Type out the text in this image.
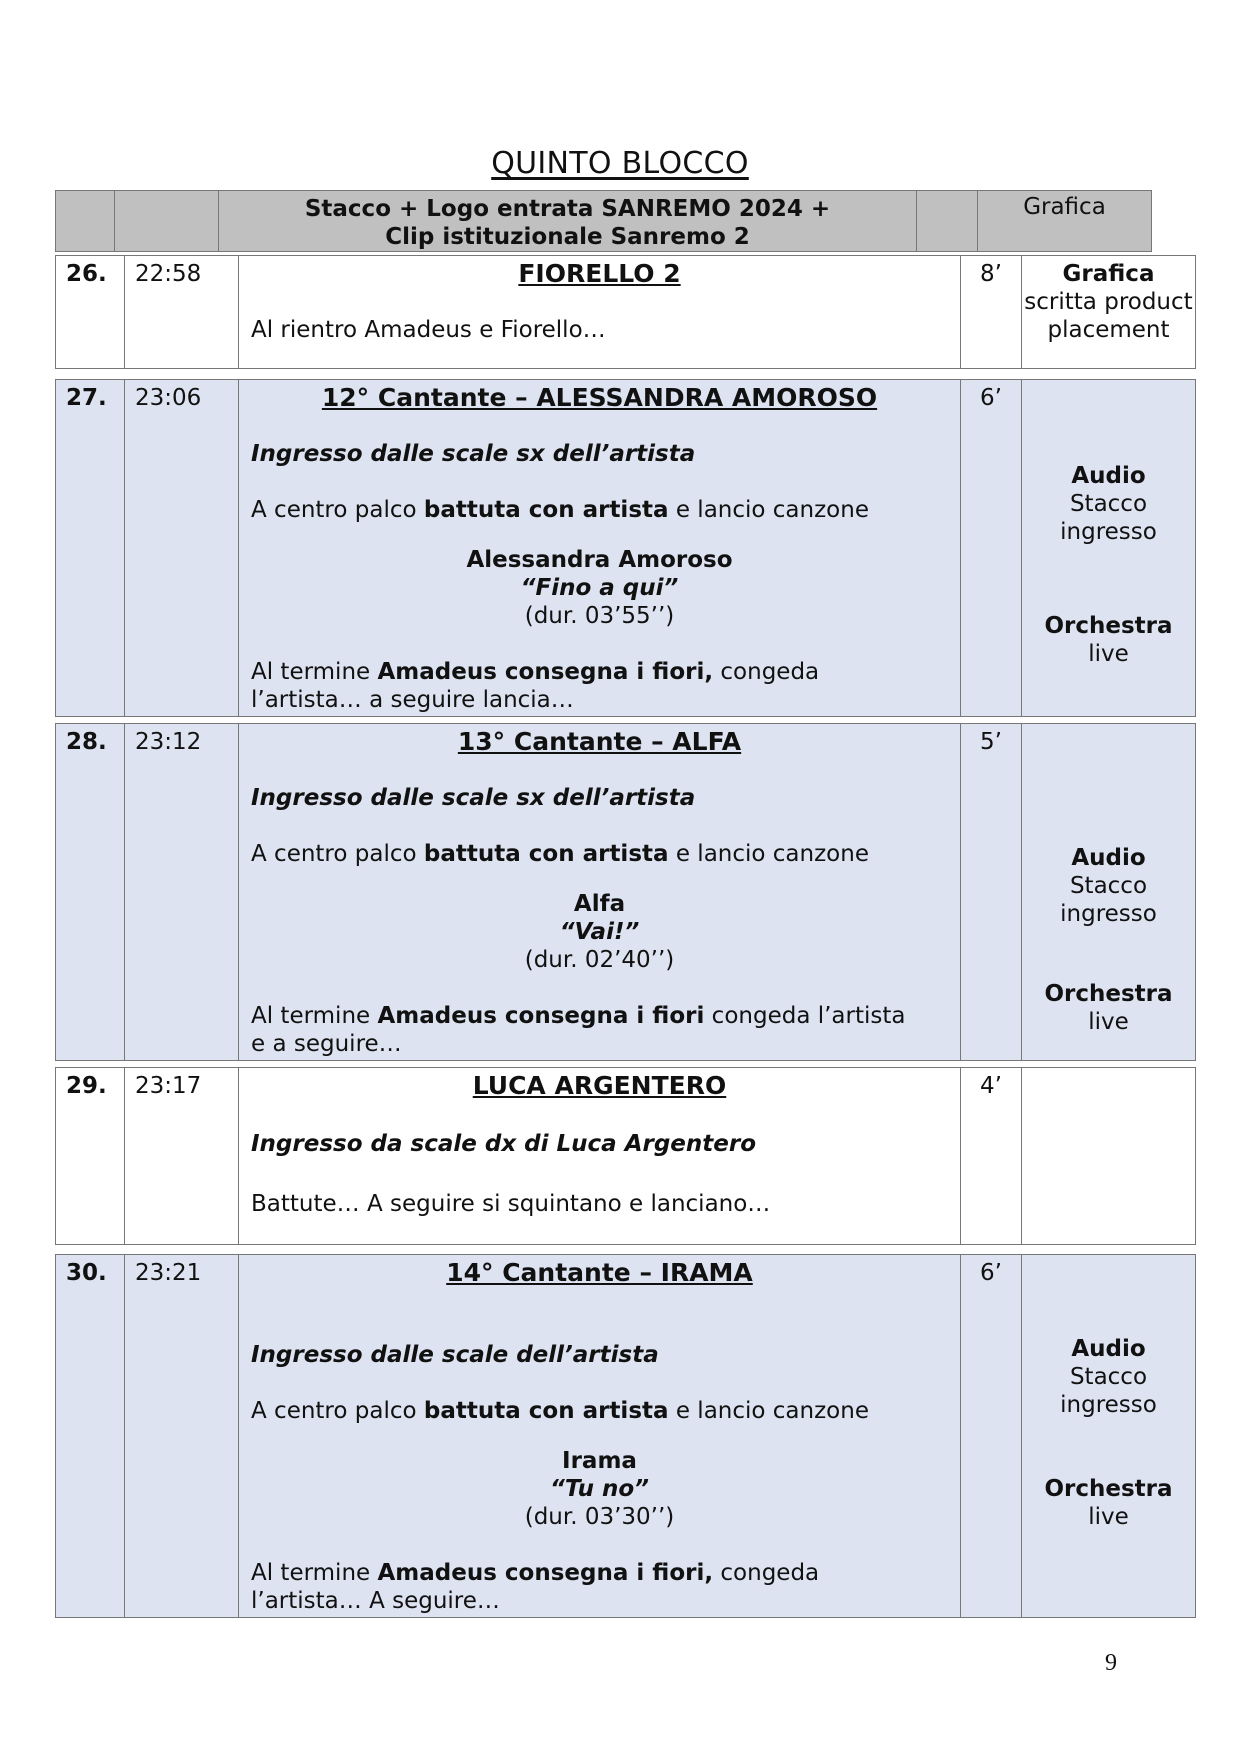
QUINTO BLOCCO

Stacco + Logo entrata SANREMO 2024 +
Clip istituzionale Sanremo 2
		Grafica
26.	22:58	FIORELLO 2
Al rientro Amadeus e Fiorello…
	8’	Grafica
scritta product
placement
27.	23:06	12° Cantante – ALESSANDRA AMOROSO
Ingresso dalle scale sx dell’artista
A centro palco battuta con artista e lancio canzone
Alessandra Amoroso
“Fino a qui”
(dur. 03’55’’)
Al termine Amadeus consegna i fiori, congeda
l’artista… a seguire lancia…
	6’	
Audio
Stacco ingresso
Orchestra
live
28.	23:12	13° Cantante – ALFA
Ingresso dalle scale sx dell’artista
A centro palco battuta con artista e lancio canzone
Alfa
“Vai!”
(dur. 02’40’’)
Al termine Amadeus consegna i fiori congeda l’artista
e a seguire…
	5’	
Audio
Stacco ingresso
Orchestra
live
29.	23:17	LUCA ARGENTERO
Ingresso da scale dx di Luca Argentero
Battute… A seguire si squintano e lanciano…
	4’	
30.	23:21	14° Cantante – IRAMA
Ingresso dalle scale dell’artista
A centro palco battuta con artista e lancio canzone
Irama
“Tu no”
(dur. 03’30’’)
Al termine Amadeus consegna i fiori, congeda
l’artista… A seguire…
	6’	
Audio
Stacco ingresso
Orchestra
live
9
